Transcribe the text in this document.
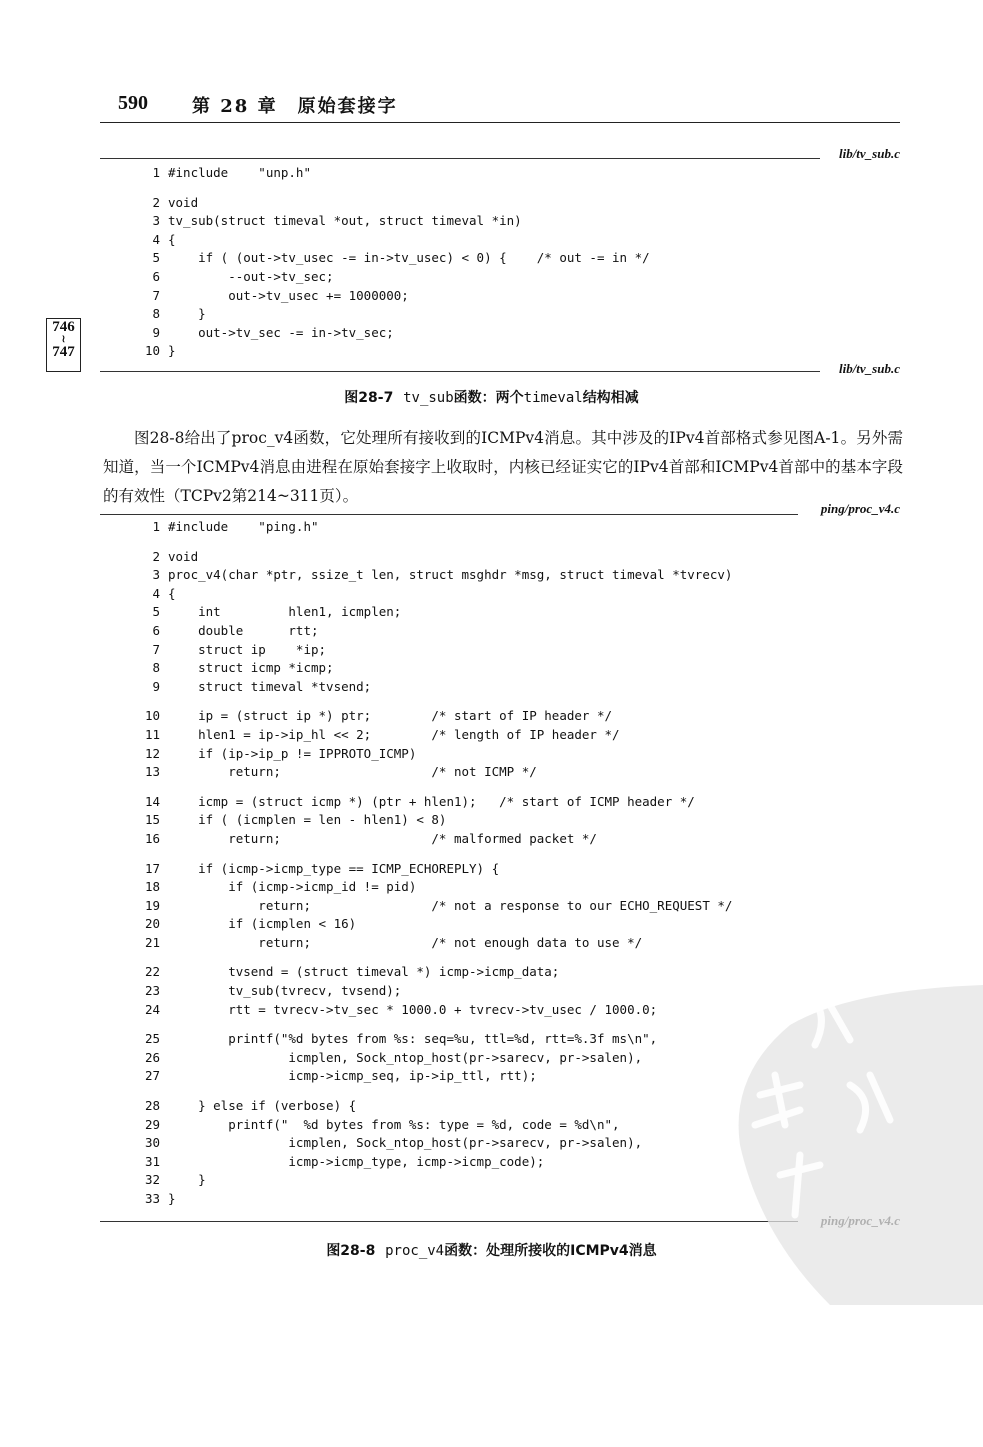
590 第 28 章　原始套接字
lib/tv_sub.c
1 #include    "unp.h"
2 void
3 tv_sub(struct timeval *out, struct timeval *in)
4 {
5 if ( (out->tv_usec -= in->tv_usec) < 0) {    /* out -= in */
6 --out->tv_sec;
7 out->tv_usec += 1000000;
8 }
9 out->tv_sec -= in->tv_sec;
10 }
746
≀
747
lib/tv_sub.c
图28-7 tv_sub函数：两个timeval结构相减

图28-8给出了proc_v4函数，它处理所有接收到的ICMPv4消息。其中涉及的IPv4首部格式参见图A-1。另外需知道，当一个ICMPv4消息由进程在原始套接字上收取时，内核已经证实它的IPv4首部和ICMPv4首部中的基本字段的有效性（TCPv2第214~311页）。

ping/proc_v4.c
1 #include    "ping.h"
2 void
3 proc_v4(char *ptr, ssize_t len, struct msghdr *msg, struct timeval *tvrecv)
4 {
5 int         hlen1, icmplen;
6 double      rtt;
7 struct ip    *ip;
8 struct icmp *icmp;
9 struct timeval *tvsend;
10 ip = (struct ip *) ptr;        /* start of IP header */
11 hlen1 = ip->ip_hl << 2;        /* length of IP header */
12 if (ip->ip_p != IPPROTO_ICMP)
13 return;                    /* not ICMP */
14 icmp = (struct icmp *) (ptr + hlen1);   /* start of ICMP header */
15 if ( (icmplen = len - hlen1) < 8)
16 return;                    /* malformed packet */
17 if (icmp->icmp_type == ICMP_ECHOREPLY) {
18 if (icmp->icmp_id != pid)
19 return;                /* not a response to our ECHO_REQUEST */
20 if (icmplen < 16)
21 return;                /* not enough data to use */
22 tvsend = (struct timeval *) icmp->icmp_data;
23 tv_sub(tvrecv, tvsend);
24 rtt = tvrecv->tv_sec * 1000.0 + tvrecv->tv_usec / 1000.0;
25 printf("%d bytes from %s: seq=%u, ttl=%d, rtt=%.3f ms\n",
26 icmplen, Sock_ntop_host(pr->sarecv, pr->salen),
27 icmp->icmp_seq, ip->ip_ttl, rtt);
28 } else if (verbose) {
29 printf("  %d bytes from %s: type = %d, code = %d\n",
30 icmplen, Sock_ntop_host(pr->sarecv, pr->salen),
31 icmp->icmp_type, icmp->icmp_code);
32 }
33 }
图28-8 proc_v4函数：处理所接收的ICMPv4消息
